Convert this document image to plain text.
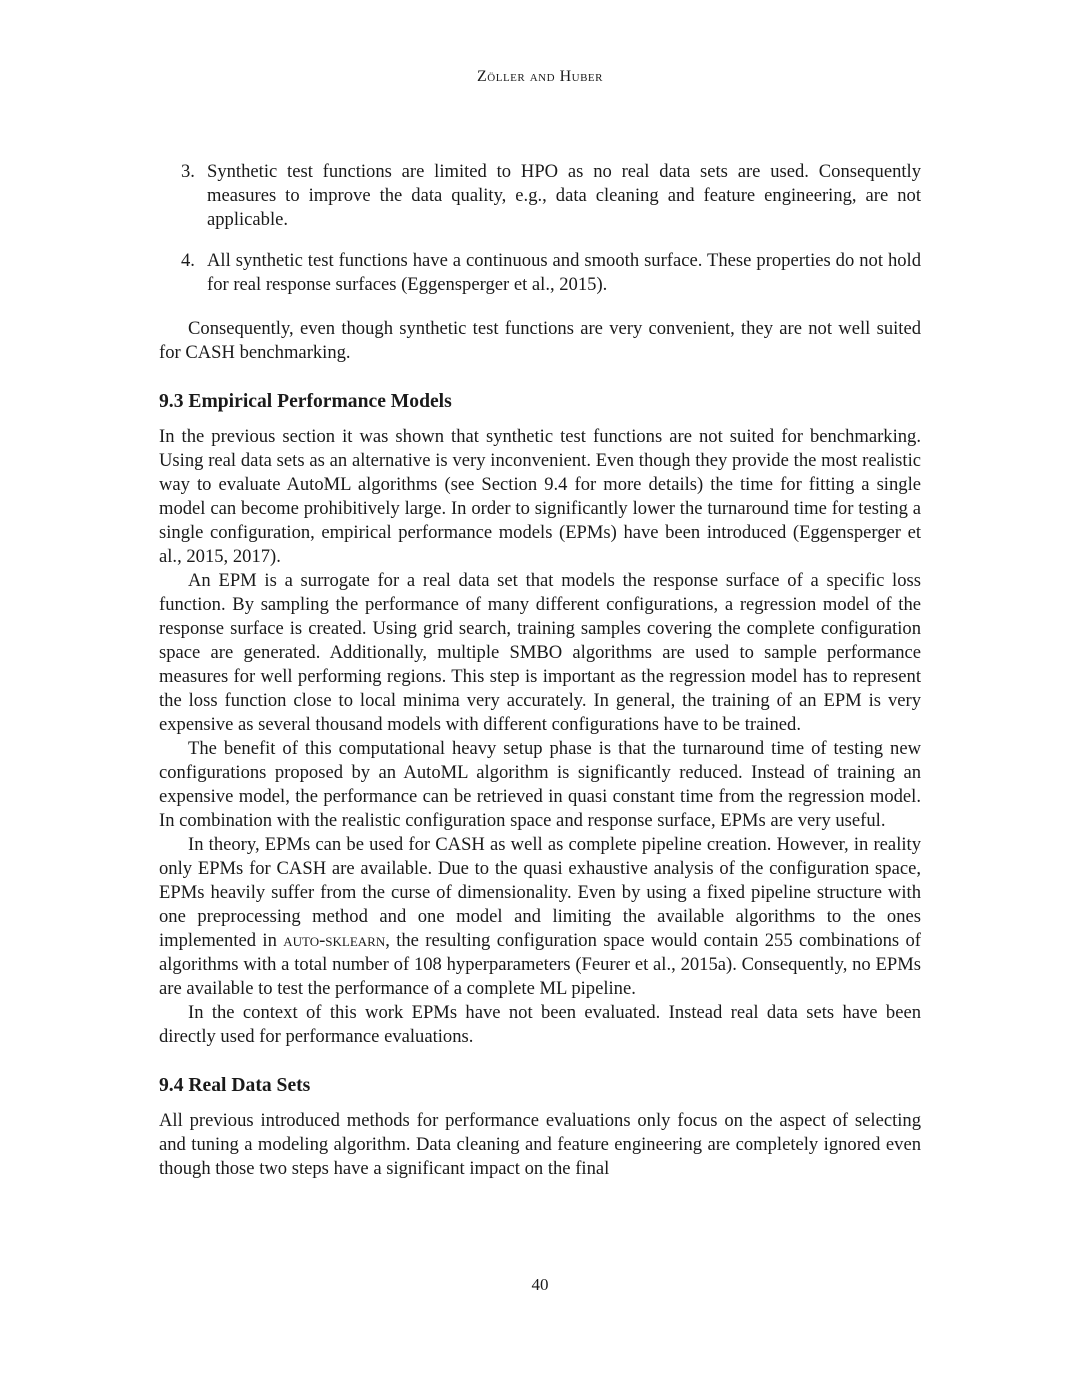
Zöller and Huber
3. Synthetic test functions are limited to HPO as no real data sets are used. Consequently measures to improve the data quality, e.g., data cleaning and feature engineering, are not applicable.
4. All synthetic test functions have a continuous and smooth surface. These properties do not hold for real response surfaces (Eggensperger et al., 2015).

Consequently, even though synthetic test functions are very convenient, they are not well suited for CASH benchmarking.

9.3 Empirical Performance Models

In the previous section it was shown that synthetic test functions are not suited for benchmarking. Using real data sets as an alternative is very inconvenient. Even though they provide the most realistic way to evaluate AutoML algorithms (see Section 9.4 for more details) the time for fitting a single model can become prohibitively large. In order to significantly lower the turnaround time for testing a single configuration, empirical performance models (EPMs) have been introduced (Eggensperger et al., 2015, 2017).

An EPM is a surrogate for a real data set that models the response surface of a specific loss function. By sampling the performance of many different configurations, a regression model of the response surface is created. Using grid search, training samples covering the complete configuration space are generated. Additionally, multiple SMBO algorithms are used to sample performance measures for well performing regions. This step is important as the regression model has to represent the loss function close to local minima very accurately. In general, the training of an EPM is very expensive as several thousand models with different configurations have to be trained.

The benefit of this computational heavy setup phase is that the turnaround time of testing new configurations proposed by an AutoML algorithm is significantly reduced. Instead of training an expensive model, the performance can be retrieved in quasi constant time from the regression model. In combination with the realistic configuration space and response surface, EPMs are very useful.

In theory, EPMs can be used for CASH as well as complete pipeline creation. However, in reality only EPMs for CASH are available. Due to the quasi exhaustive analysis of the configuration space, EPMs heavily suffer from the curse of dimensionality. Even by using a fixed pipeline structure with one preprocessing method and one model and limiting the available algorithms to the ones implemented in auto-sklearn, the resulting configuration space would contain 255 combinations of algorithms with a total number of 108 hyperparameters (Feurer et al., 2015a). Consequently, no EPMs are available to test the performance of a complete ML pipeline.

In the context of this work EPMs have not been evaluated. Instead real data sets have been directly used for performance evaluations.

9.4 Real Data Sets

All previous introduced methods for performance evaluations only focus on the aspect of selecting and tuning a modeling algorithm. Data cleaning and feature engineering are completely ignored even though those two steps have a significant impact on the final

40
